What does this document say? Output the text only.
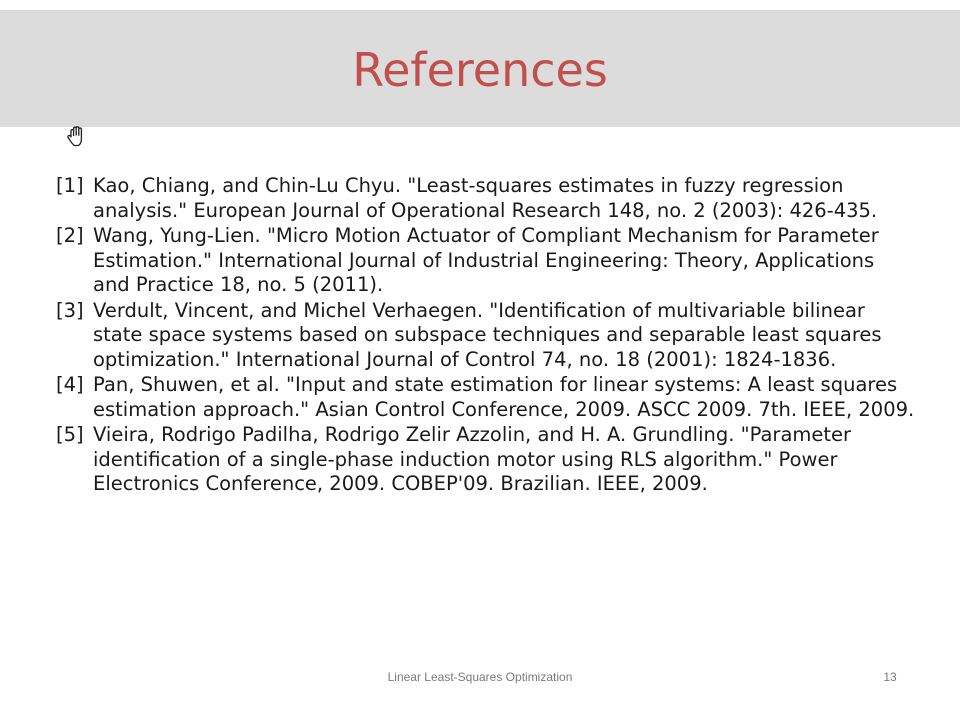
References
[1] Kao, Chiang, and Chin-Lu Chyu. "Least-squares estimates in fuzzy regression analysis." European Journal of Operational Research 148, no. 2 (2003): 426-435.
[2] Wang, Yung-Lien. "Micro Motion Actuator of Compliant Mechanism for Parameter Estimation." International Journal of Industrial Engineering: Theory, Applications and Practice 18, no. 5 (2011).
[3] Verdult, Vincent, and Michel Verhaegen. "Identification of multivariable bilinear state space systems based on subspace techniques and separable least squares optimization." International Journal of Control 74, no. 18 (2001): 1824-1836.
[4] Pan, Shuwen, et al. "Input and state estimation for linear systems: A least squares estimation approach." Asian Control Conference, 2009. ASCC 2009. 7th. IEEE, 2009.
[5] Vieira, Rodrigo Padilha, Rodrigo Zelir Azzolin, and H. A. Grundling. "Parameter identification of a single-phase induction motor using RLS algorithm." Power Electronics Conference, 2009. COBEP'09. Brazilian. IEEE, 2009.
Linear Least-Squares Optimization	13
